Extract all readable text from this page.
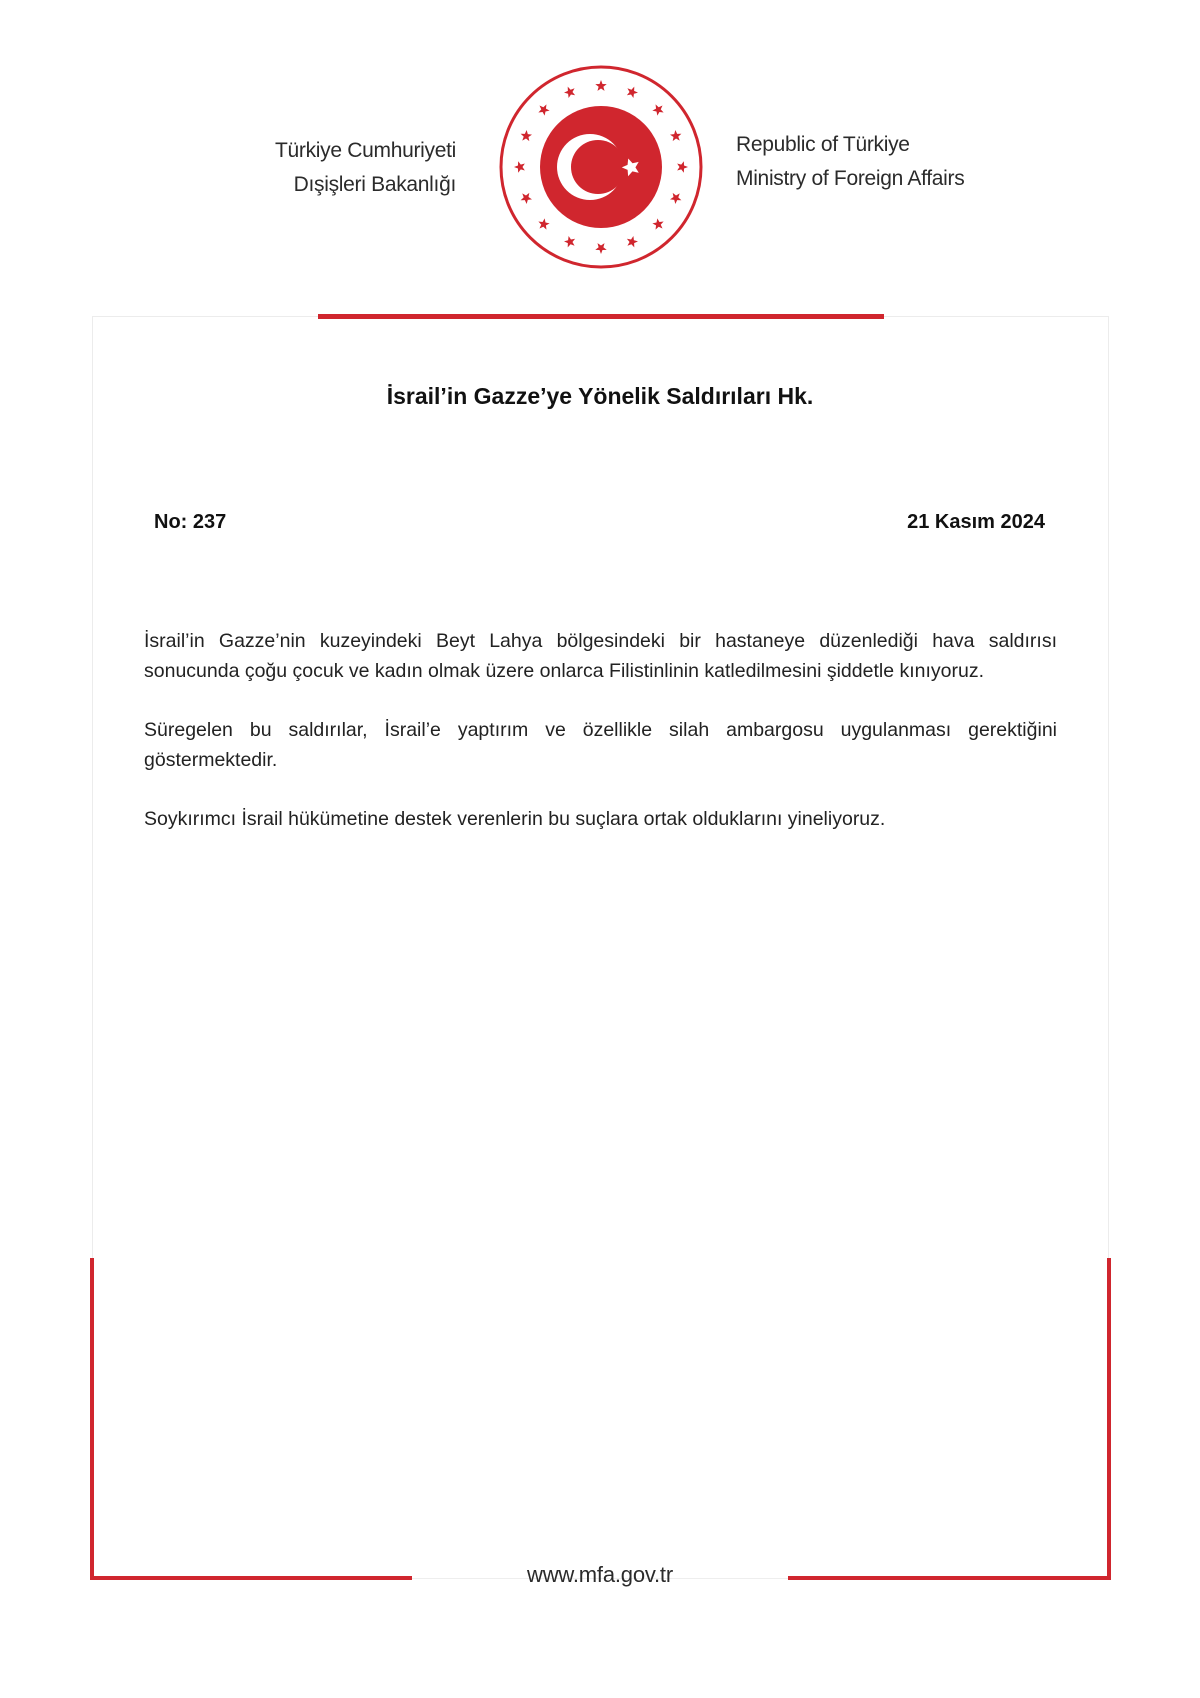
Türkiye Cumhuriyeti
Dışişleri Bakanlığı
Republic of Türkiye
Ministry of Foreign Affairs
İsrail’in Gazze’ye Yönelik Saldırıları Hk.
No: 237	21 Kasım 2024

İsrail’in Gazze’nin kuzeyindeki Beyt Lahya bölgesindeki bir hastaneye düzenlediği hava saldırısı sonucunda çoğu çocuk ve kadın olmak üzere onlarca Filistinlinin katledilmesini şiddetle kınıyoruz.

Süregelen bu saldırılar, İsrail’e yaptırım ve özellikle silah ambargosu uygulanması gerektiğini göstermektedir.

Soykırımcı İsrail hükümetine destek verenlerin bu suçlara ortak olduklarını yineliyoruz.

www.mfa.gov.tr
